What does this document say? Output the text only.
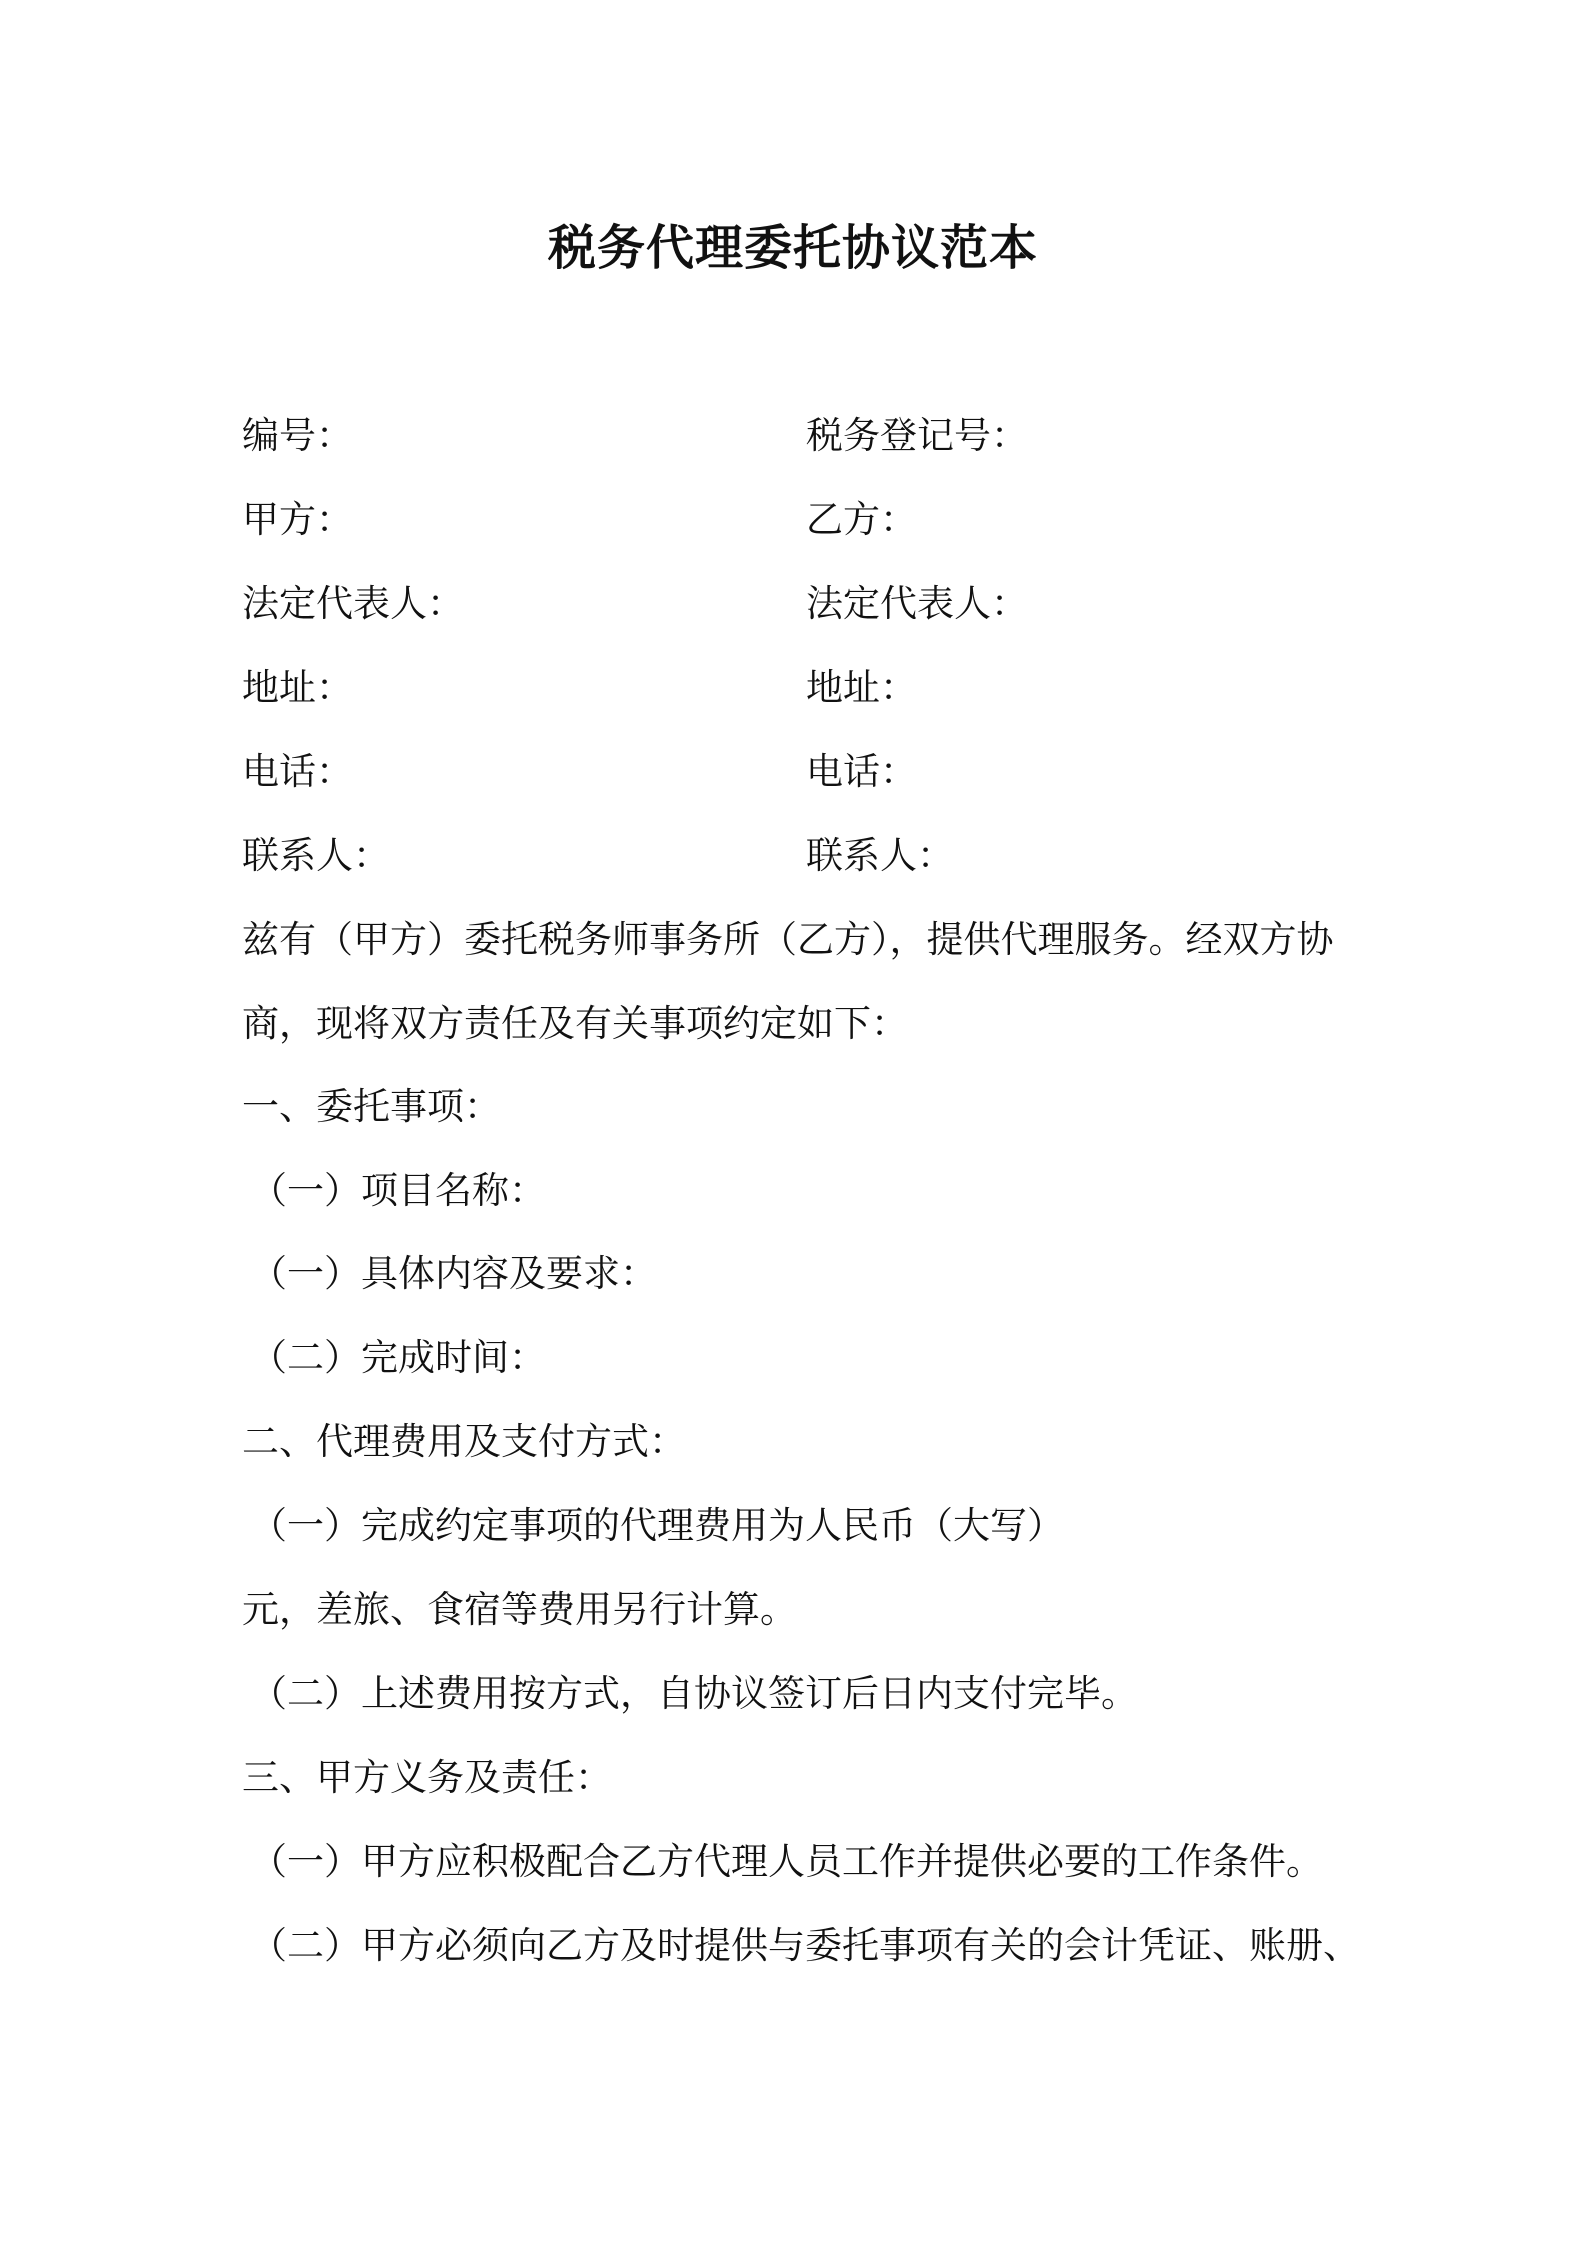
税务代理委托协议范本
编号：	税务登记号：
甲方：	乙方：
法定代表人：	法定代表人：
地址：	地址：
电话：	电话：
联系人：	联系人：
兹有（甲方）委托税务师事务所（乙方），提供代理服务。经双方协
商，现将双方责任及有关事项约定如下：
一、委托事项：
（一）项目名称：
（一）具体内容及要求：
（二）完成时间：
二、代理费用及支付方式：
（一）完成约定事项的代理费用为人民币（大写）
元，差旅、食宿等费用另行计算。
（二）上述费用按方式，自协议签订后日内支付完毕。
三、甲方义务及责任：
（一）甲方应积极配合乙方代理人员工作并提供必要的工作条件。
（二）甲方必须向乙方及时提供与委托事项有关的会计凭证、账册、
